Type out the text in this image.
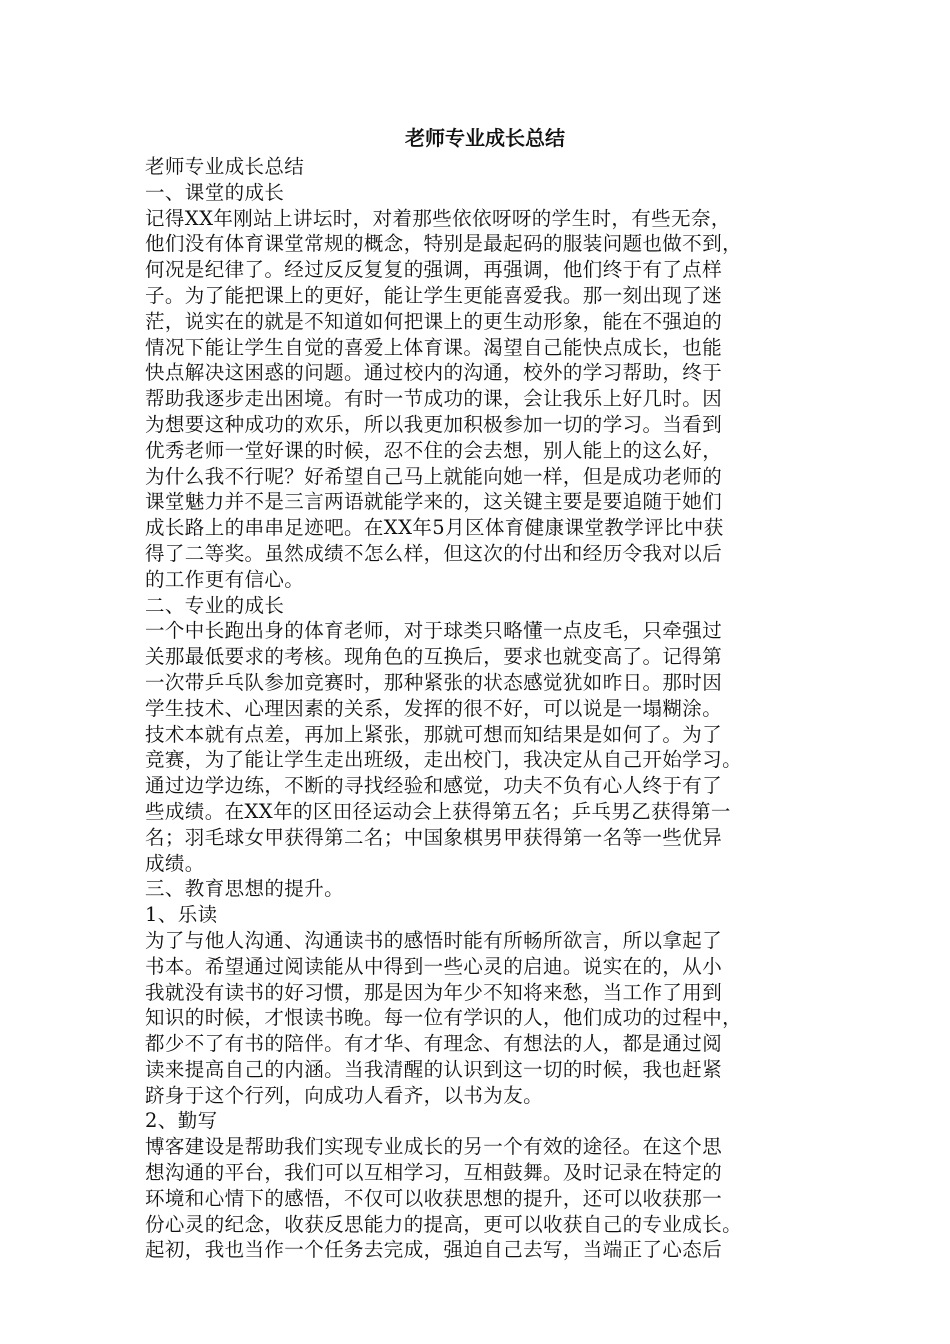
老师专业成长总结
老师专业成长总结
一、课堂的成长
记得XX年刚站上讲坛时，对着那些依依呀呀的学生时，有些无奈，
他们没有体育课堂常规的概念，特别是最起码的服装问题也做不到，
何况是纪律了。经过反反复复的强调，再强调，他们终于有了点样
子。为了能把课上的更好，能让学生更能喜爱我。那一刻出现了迷
茫，说实在的就是不知道如何把课上的更生动形象，能在不强迫的
情况下能让学生自觉的喜爱上体育课。渴望自己能快点成长，也能
快点解决这困惑的问题。通过校内的沟通，校外的学习帮助，终于
帮助我逐步走出困境。有时一节成功的课，会让我乐上好几时。因
为想要这种成功的欢乐，所以我更加积极参加一切的学习。当看到
优秀老师一堂好课的时候，忍不住的会去想，别人能上的这么好，
为什么我不行呢？好希望自己马上就能向她一样，但是成功老师的
课堂魅力并不是三言两语就能学来的，这关键主要是要追随于她们
成长路上的串串足迹吧。在XX年5月区体育健康课堂教学评比中获
得了二等奖。虽然成绩不怎么样，但这次的付出和经历令我对以后
的工作更有信心。
二、专业的成长
一个中长跑出身的体育老师，对于球类只略懂一点皮毛，只牵强过
关那最低要求的考核。现角色的互换后，要求也就变高了。记得第
一次带乒乓队参加竞赛时，那种紧张的状态感觉犹如昨日。那时因
学生技术、心理因素的关系，发挥的很不好，可以说是一塌糊涂。
技术本就有点差，再加上紧张，那就可想而知结果是如何了。为了
竞赛，为了能让学生走出班级，走出校门，我决定从自己开始学习。
通过边学边练，不断的寻找经验和感觉，功夫不负有心人终于有了
些成绩。在XX年的区田径运动会上获得第五名；乒乓男乙获得第一
名；羽毛球女甲获得第二名；中国象棋男甲获得第一名等一些优异
成绩。
三、教育思想的提升。
1、乐读
为了与他人沟通、沟通读书的感悟时能有所畅所欲言，所以拿起了
书本。希望通过阅读能从中得到一些心灵的启迪。说实在的，从小
我就没有读书的好习惯，那是因为年少不知将来愁，当工作了用到
知识的时候，才恨读书晚。每一位有学识的人，他们成功的过程中，
都少不了有书的陪伴。有才华、有理念、有想法的人，都是通过阅
读来提高自己的内涵。当我清醒的认识到这一切的时候，我也赶紧
跻身于这个行列，向成功人看齐，以书为友。
2、勤写
博客建设是帮助我们实现专业成长的另一个有效的途径。在这个思
想沟通的平台，我们可以互相学习，互相鼓舞。及时记录在特定的
环境和心情下的感悟，不仅可以收获思想的提升，还可以收获那一
份心灵的纪念，收获反思能力的提高，更可以收获自己的专业成长。
起初，我也当作一个任务去完成，强迫自己去写，当端正了心态后
